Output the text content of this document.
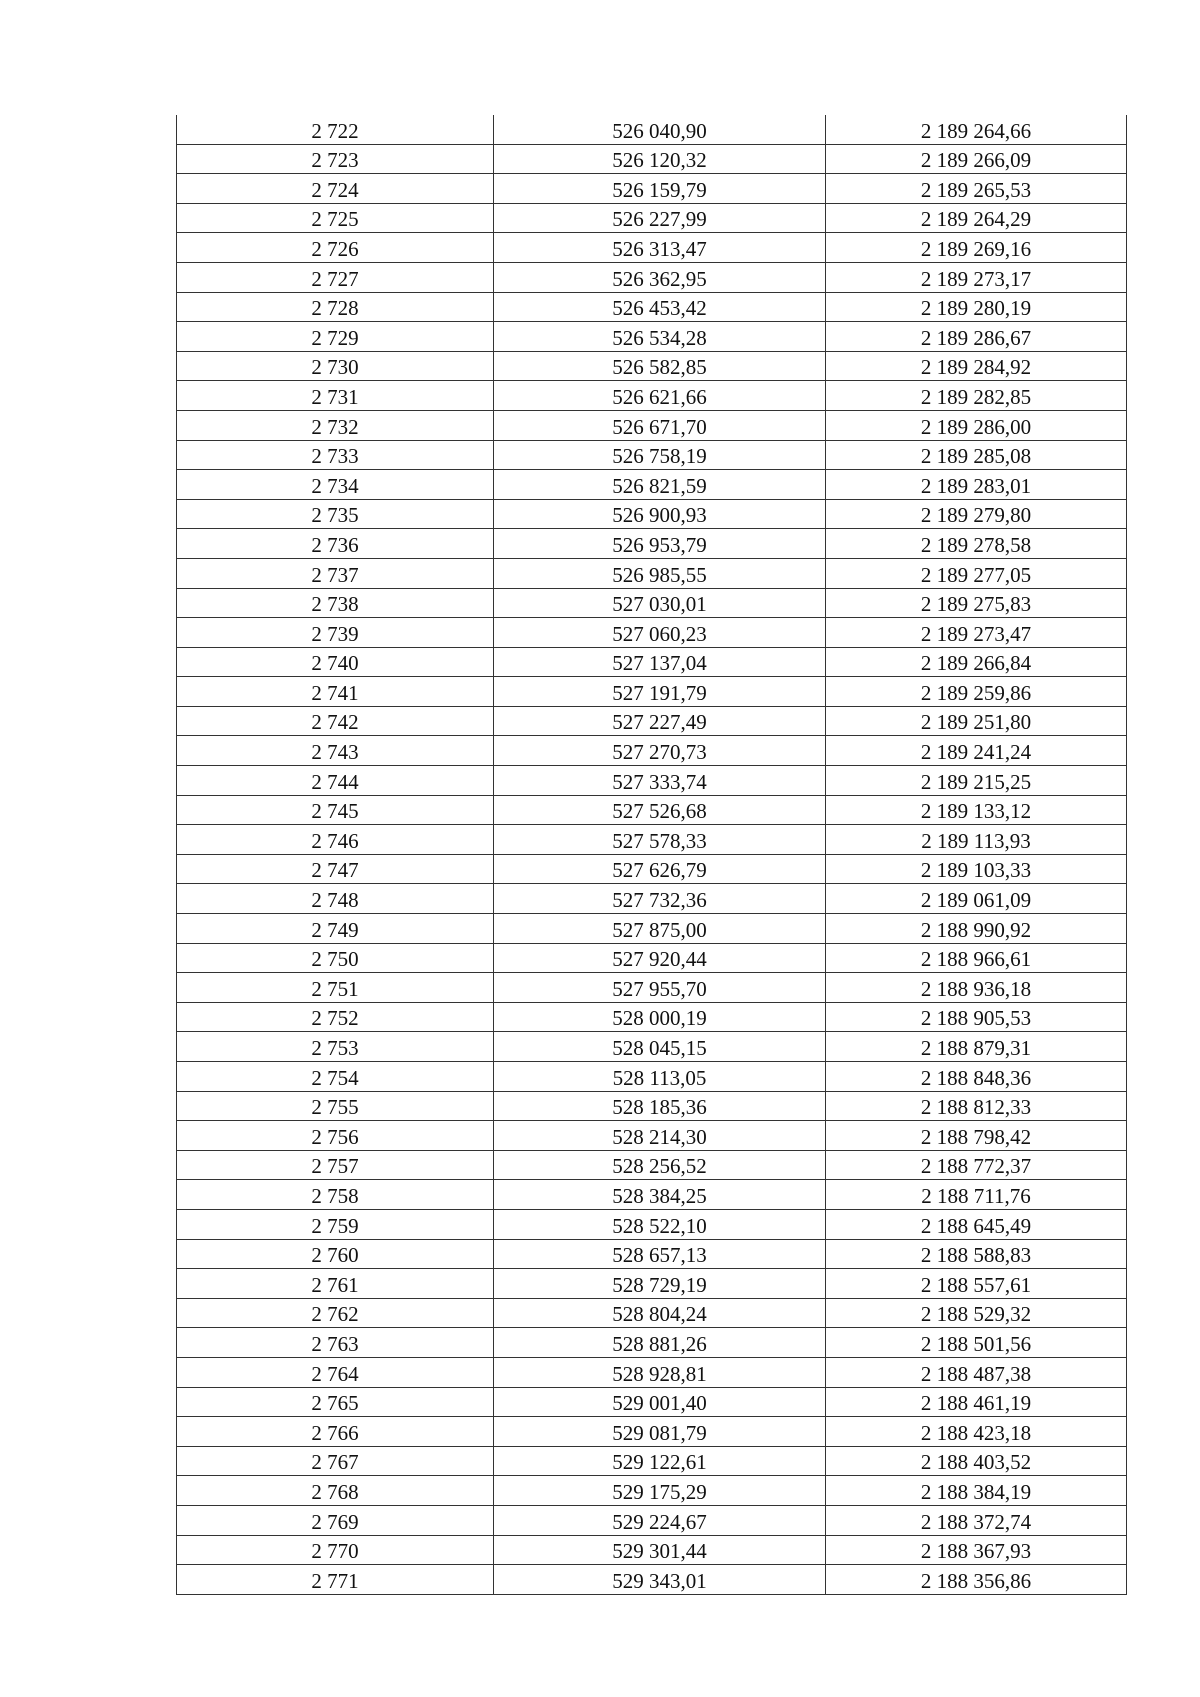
2 722	526 040,90	2 189 264,66
2 723	526 120,32	2 189 266,09
2 724	526 159,79	2 189 265,53
2 725	526 227,99	2 189 264,29
2 726	526 313,47	2 189 269,16
2 727	526 362,95	2 189 273,17
2 728	526 453,42	2 189 280,19
2 729	526 534,28	2 189 286,67
2 730	526 582,85	2 189 284,92
2 731	526 621,66	2 189 282,85
2 732	526 671,70	2 189 286,00
2 733	526 758,19	2 189 285,08
2 734	526 821,59	2 189 283,01
2 735	526 900,93	2 189 279,80
2 736	526 953,79	2 189 278,58
2 737	526 985,55	2 189 277,05
2 738	527 030,01	2 189 275,83
2 739	527 060,23	2 189 273,47
2 740	527 137,04	2 189 266,84
2 741	527 191,79	2 189 259,86
2 742	527 227,49	2 189 251,80
2 743	527 270,73	2 189 241,24
2 744	527 333,74	2 189 215,25
2 745	527 526,68	2 189 133,12
2 746	527 578,33	2 189 113,93
2 747	527 626,79	2 189 103,33
2 748	527 732,36	2 189 061,09
2 749	527 875,00	2 188 990,92
2 750	527 920,44	2 188 966,61
2 751	527 955,70	2 188 936,18
2 752	528 000,19	2 188 905,53
2 753	528 045,15	2 188 879,31
2 754	528 113,05	2 188 848,36
2 755	528 185,36	2 188 812,33
2 756	528 214,30	2 188 798,42
2 757	528 256,52	2 188 772,37
2 758	528 384,25	2 188 711,76
2 759	528 522,10	2 188 645,49
2 760	528 657,13	2 188 588,83
2 761	528 729,19	2 188 557,61
2 762	528 804,24	2 188 529,32
2 763	528 881,26	2 188 501,56
2 764	528 928,81	2 188 487,38
2 765	529 001,40	2 188 461,19
2 766	529 081,79	2 188 423,18
2 767	529 122,61	2 188 403,52
2 768	529 175,29	2 188 384,19
2 769	529 224,67	2 188 372,74
2 770	529 301,44	2 188 367,93
2 771	529 343,01	2 188 356,86
